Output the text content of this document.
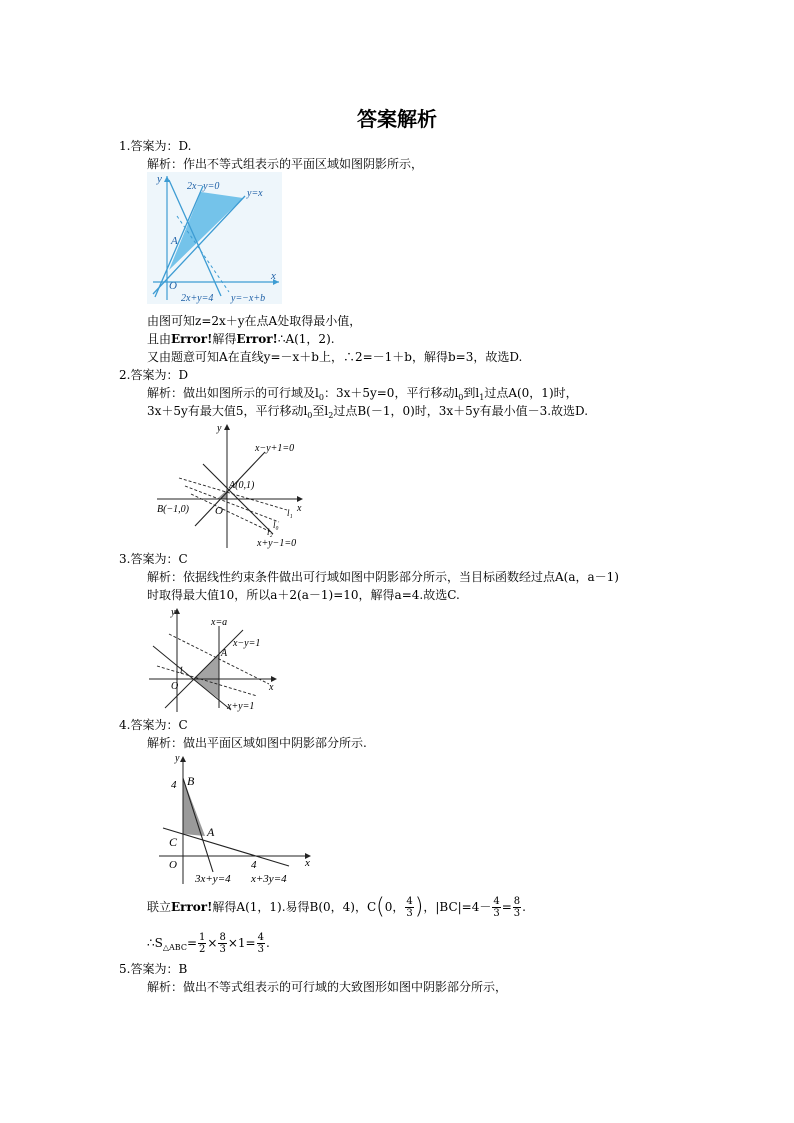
答案解析
1.答案为：D.
解析：作出不等式组表示的平面区域如图阴影所示，
2x−y=0
y=x
A
O
y
x
2x+y=4 y=−x+b
由图可知z=2x＋y在点A处取得最小值，
且由Error!解得Error!∴A(1，2).
又由题意可知A在直线y=－x＋b上，∴2=－1＋b，解得b=3，故选D.
2.答案为：D
解析：做出如图所示的可行域及$l_0$：3x＋5y=0，平行移动$l_0$到$l_1$过点A(0，1)时，
3x＋5y有最大值5，平行移动$l_0$至$l_2$过点B(－1，0)时，3x＋5y有最小值－3.故选D.
x−y+1=0
A(0,1)
B(−1,0) O
y
x
l₁
l₀
l₂
x+y−1=0
3.答案为：C
解析：依据线性约束条件做出可行域如图中阴影部分所示，当目标函数经过点A(a，a－1)
时取得最大值10，所以a＋2(a－1)=10，解得a=4.故选C.
x=a
x−y=1
A
O
y
x
1
x+y=1
4.答案为：C
解析：做出平面区域如图中阴影部分所示.
B
4
A
C
O
y
x
4
3x+y=4 x+3y=4
联立Error!解得A(1，1).易得B(0，4)，C(0， $\frac{4}{3}$ )，$|BC|=4- \frac{4}{3} = \frac{8}{3}$ .
$\therefore S_{\triangle ABC}= \frac{1}{2} \times \frac{8}{3} \times 1= \frac{4}{3}$ .
5.答案为：B
解析：做出不等式组表示的可行域的大致图形如图中阴影部分所示，
